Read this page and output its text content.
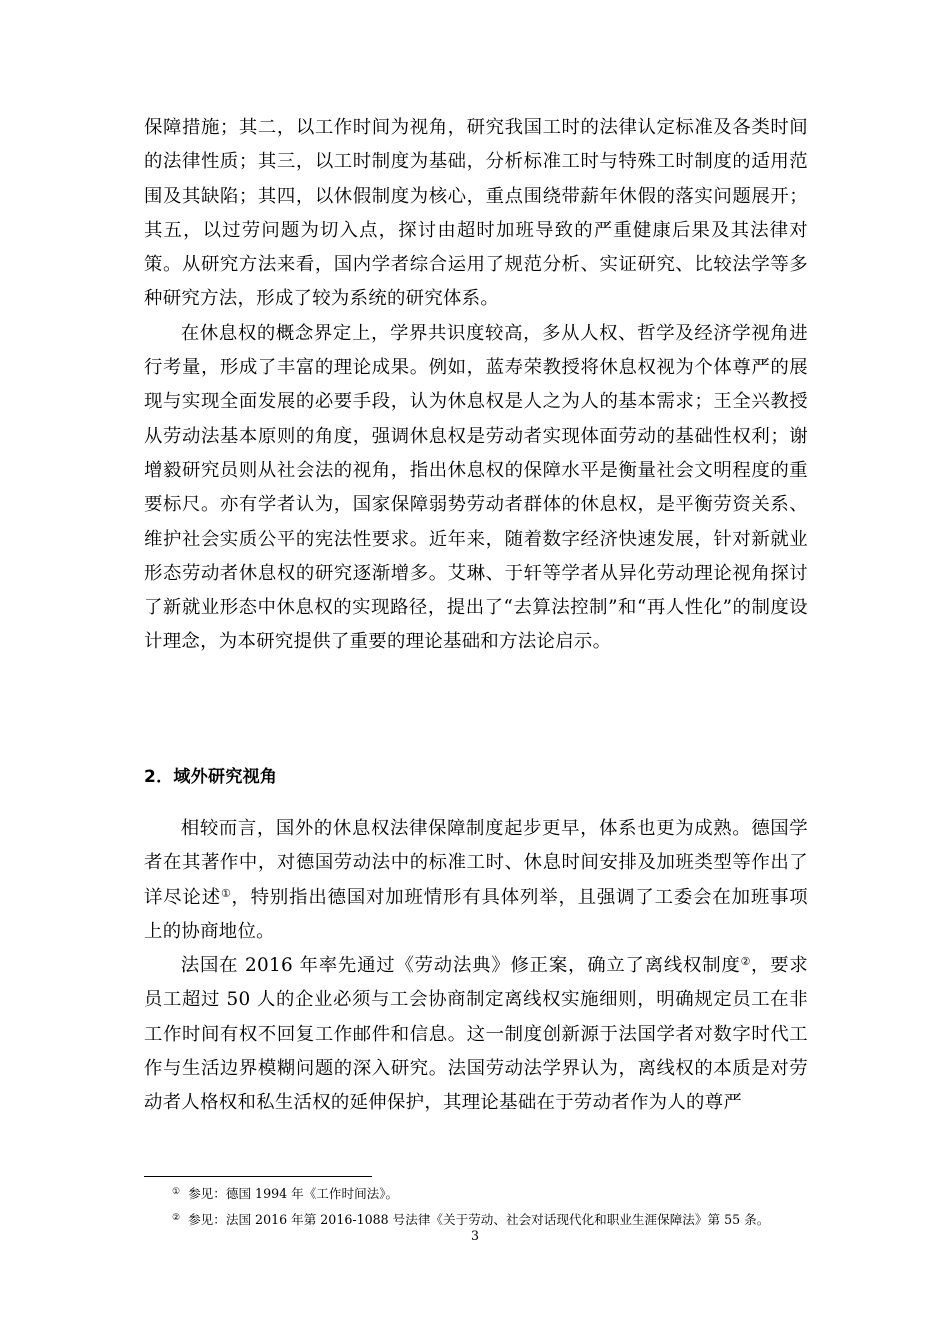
保障措施；其二，以工作时间为视角，研究我国工时的法律认定标准及各类时间的法律性质；其三，以工时制度为基础，分析标准工时与特殊工时制度的适用范围及其缺陷；其四，以休假制度为核心，重点围绕带薪年休假的落实问题展开；其五，以过劳问题为切入点，探讨由超时加班导致的严重健康后果及其法律对策。从研究方法来看，国内学者综合运用了规范分析、实证研究、比较法学等多种研究方法，形成了较为系统的研究体系。

在休息权的概念界定上，学界共识度较高，多从人权、哲学及经济学视角进行考量，形成了丰富的理论成果。例如，蓝寿荣教授将休息权视为个体尊严的展现与实现全面发展的必要手段，认为休息权是人之为人的基本需求；王全兴教授从劳动法基本原则的角度，强调休息权是劳动者实现体面劳动的基础性权利；谢增毅研究员则从社会法的视角，指出休息权的保障水平是衡量社会文明程度的重要标尺。亦有学者认为，国家保障弱势劳动者群体的休息权，是平衡劳资关系、维护社会实质公平的宪法性要求。近年来，随着数字经济快速发展，针对新就业形态劳动者休息权的研究逐渐增多。艾琳、于轩等学者从异化劳动理论视角探讨了新就业形态中休息权的实现路径，提出了“去算法控制”和“再人性化”的制度设计理念，为本研究提供了重要的理论基础和方法论启示。

2．域外研究视角

相较而言，国外的休息权法律保障制度起步更早，体系也更为成熟。德国学者在其著作中，对德国劳动法中的标准工时、休息时间安排及加班类型等作出了详尽论述①，特别指出德国对加班情形有具体列举，且强调了工委会在加班事项上的协商地位。

法国在 2016 年率先通过《劳动法典》修正案，确立了离线权制度②，要求员工超过 50 人的企业必须与工会协商制定离线权实施细则，明确规定员工在非工作时间有权不回复工作邮件和信息。这一制度创新源于法国学者对数字时代工作与生活边界模糊问题的深入研究。法国劳动法学界认为，离线权的本质是对劳动者人格权和私生活权的延伸保护，其理论基础在于劳动者作为人的尊严

① 参见：德国 1994 年《工作时间法》。

② 参见：法国 2016 年第 2016-1088 号法律《关于劳动、社会对话现代化和职业生涯保障法》第 55 条。

3
